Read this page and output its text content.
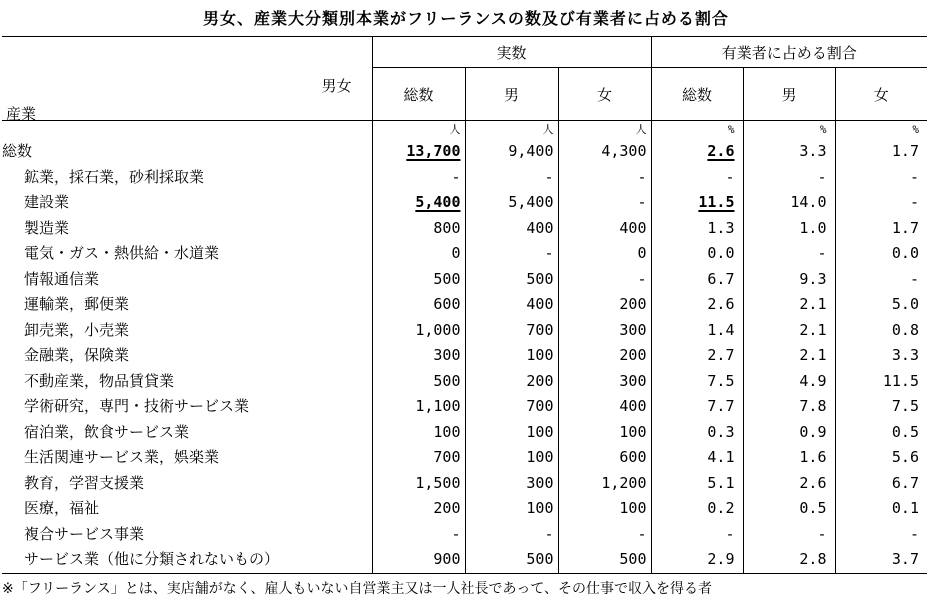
男女、産業大分類別本業がフリーランスの数及び有業者に占める割合
男女
産業	実数			有業者に占める割合		
	総数	男	女	総数	男	女
	人	人	人	%	%	%
総数	13,700	9,400	4,300	2.6	3.3	1.7
鉱業，採石業，砂利採取業	-	-	-	-	-	-
建設業	5,400	5,400	-	11.5	14.0	-
製造業	800	400	400	1.3	1.0	1.7
電気・ガス・熱供給・水道業	0	-	0	0.0	-	0.0
情報通信業	500	500	-	6.7	9.3	-
運輸業，郵便業	600	400	200	2.6	2.1	5.0
卸売業，小売業	1,000	700	300	1.4	2.1	0.8
金融業，保険業	300	100	200	2.7	2.1	3.3
不動産業，物品賃貸業	500	200	300	7.5	4.9	11.5
学術研究，専門・技術サービス業	1,100	700	400	7.7	7.8	7.5
宿泊業，飲食サービス業	100	100	100	0.3	0.9	0.5
生活関連サービス業，娯楽業	700	100	600	4.1	1.6	5.6
教育，学習支援業	1,500	300	1,200	5.1	2.6	6.7
医療，福祉	200	100	100	0.2	0.5	0.1
複合サービス事業	-	-	-	-	-	-
サービス業（他に分類されないもの）	900	500	500	2.9	2.8	3.7
※「フリーランス」とは、実店舗がなく、雇人もいない自営業主又は一人社長であって、その仕事で収入を得る者
